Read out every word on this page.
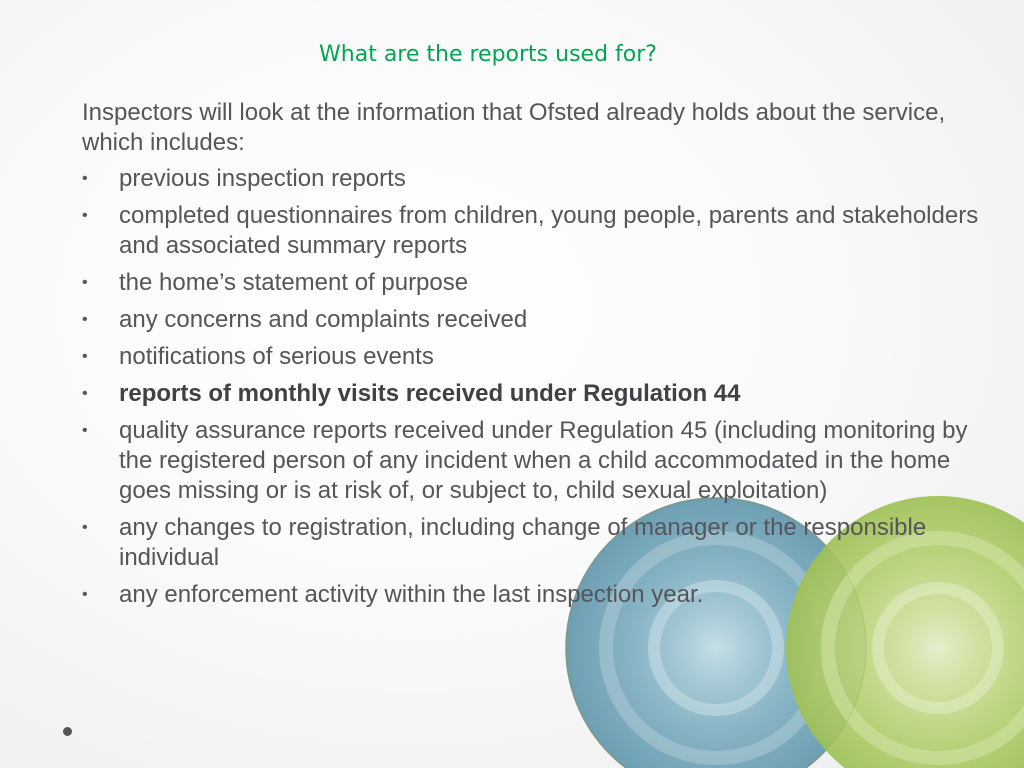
What are the reports used for?

Inspectors will look at the information that Ofsted already holds about the service, which includes:

•	previous inspection reports
•	completed questionnaires from children, young people, parents and stakeholders and associated summary reports
•	the home’s statement of purpose
•	any concerns and complaints received
•	notifications of serious events
•	reports of monthly visits received under Regulation 44
•	quality assurance reports received under Regulation 45 (including monitoring by the registered person of any incident when a child accommodated in the home goes missing or is at risk of, or subject to, child sexual exploitation)
•	any changes to registration, including change of manager or the responsible individual
•	any enforcement activity within the last inspection year.
